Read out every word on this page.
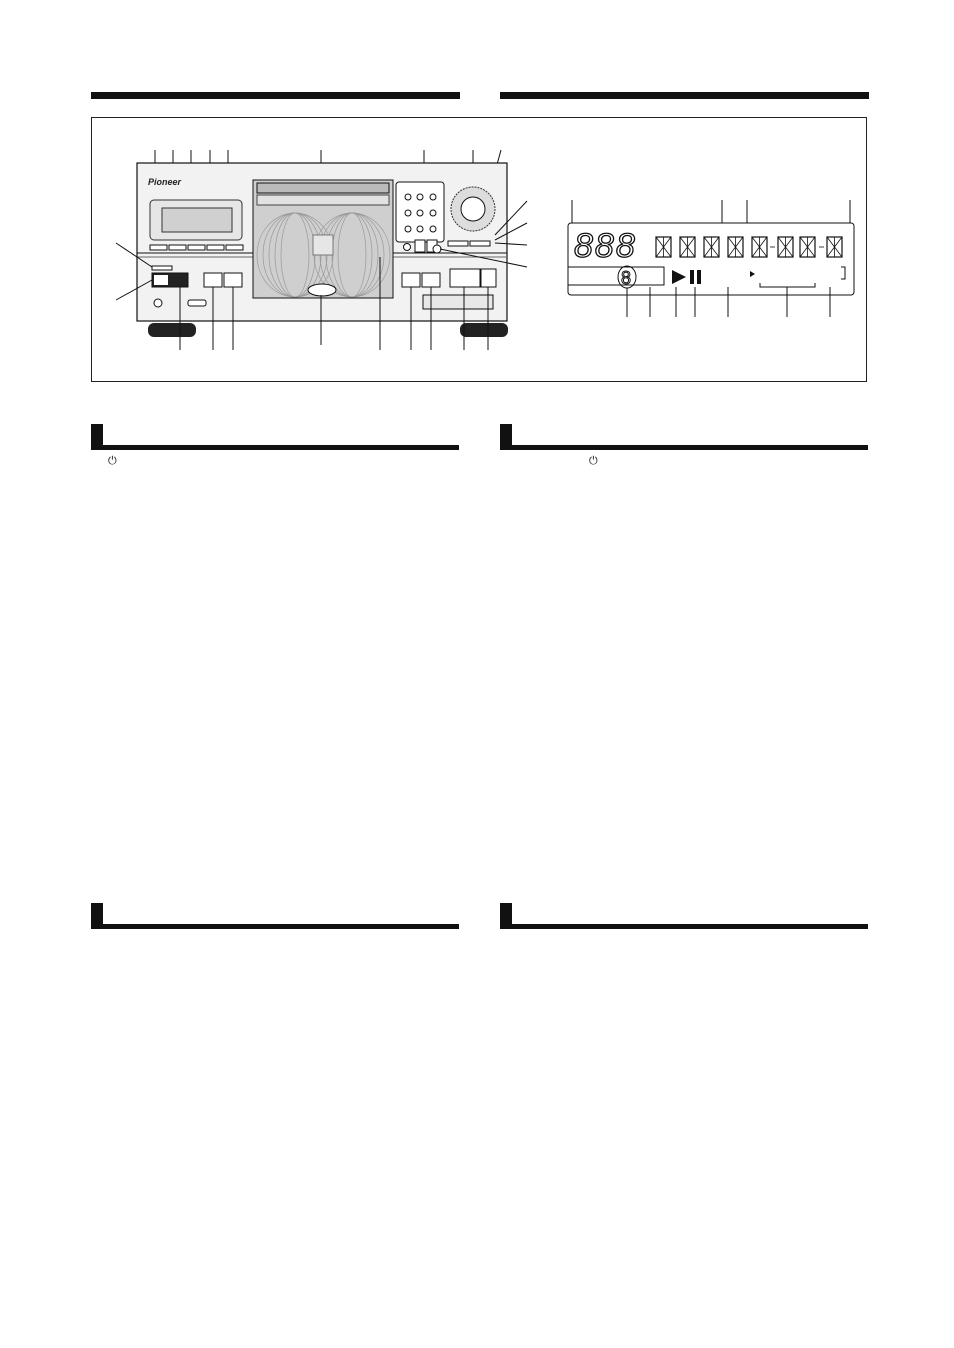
Pioneer
888
8
⏻	⏻
